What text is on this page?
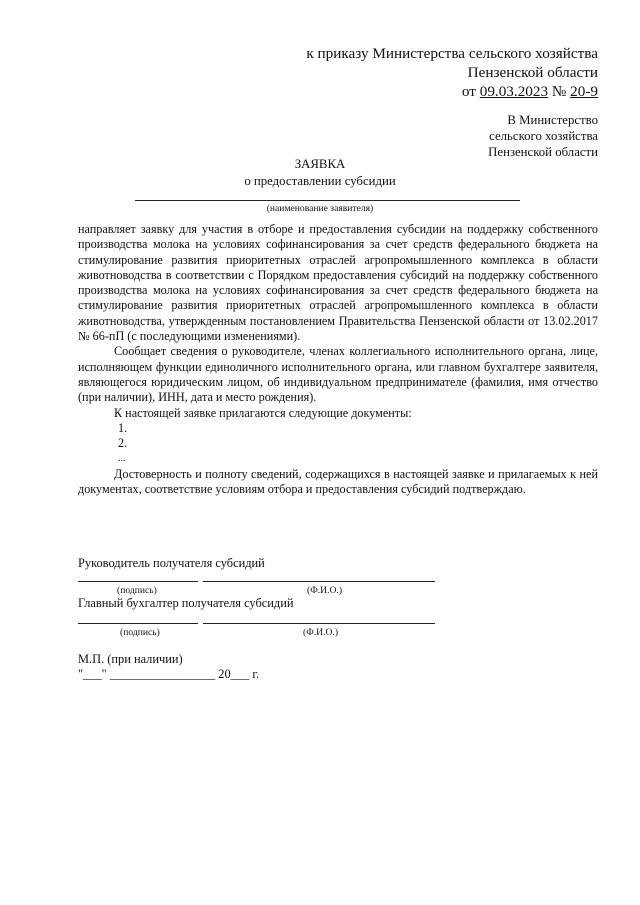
к приказу Министерства сельского хозяйства
Пензенской области
от 09.03.2023 № 20-9
В Министерство
сельского хозяйства
Пензенской области
ЗАЯВКА
о предоставлении субсидии
(наименование заявителя)

направляет заявку для участия в отборе и предоставления субсидии на поддержку собственного производства молока на условиях софинансирования за счет средств федерального бюджета на стимулирование развития приоритетных отраслей агропромышленного комплекса в области животноводства в соответствии с Порядком предоставления субсидий на поддержку собственного производства молока на условиях софинансирования за счет средств федерального бюджета на стимулирование развития приоритетных отраслей агропромышленного комплекса в области животноводства, утвержденным постановлением Правительства Пензенской области от 13.02.2017 № 66-пП (с последующими изменениями).

Сообщает сведения о руководителе, членах коллегиального исполнительного органа, лице, исполняющем функции единоличного исполнительного органа, или главном бухгалтере заявителя, являющегося юридическим лицом, об индивидуальном предпринимателе (фамилия, имя отчество (при наличии), ИНН, дата и место рождения).

К настоящей заявке прилагаются следующие документы:

1.

2.

...

Достоверность и полноту сведений, содержащихся в настоящей заявке и прилагаемых к ней документах, соответствие условиям отбора и предоставления субсидий подтверждаю.

Руководитель получателя субсидий
(подпись)	(Ф.И.О.)
Главный бухгалтер получателя субсидий
(подпись)	(Ф.И.О.)
М.П. (при наличии)
"___" _________________ 20___ г.
